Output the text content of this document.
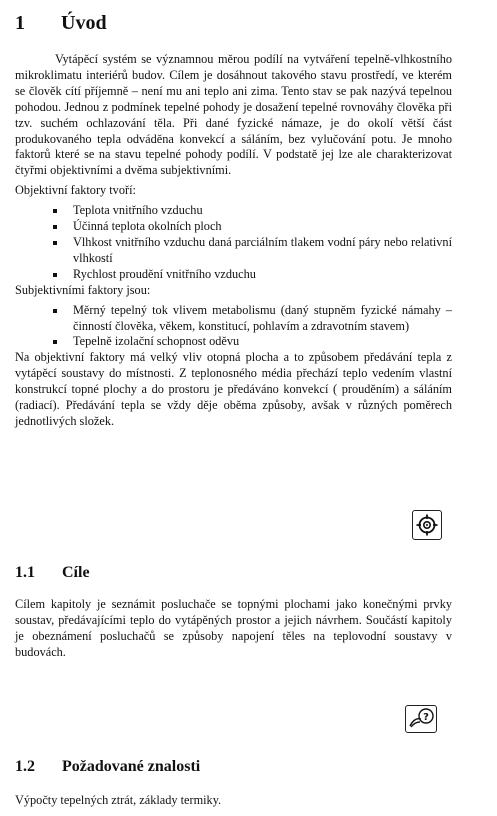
1 Úvod

Vytápěcí systém se významnou měrou podílí na vytváření tepelně-vlhkostního mikroklimatu interiérů budov. Cílem je dosáhnout takového stavu prostředí, ve kterém se člověk cítí příjemně – není mu ani teplo ani zima. Tento stav se pak nazývá tepelnou pohodou. Jednou z podmínek tepelné pohody je dosažení tepelné rovnováhy člověka při tzv. suchém ochlazování těla. Při dané fyzické námaze, je do okolí větší část produkovaného tepla odváděna konvekcí a sáláním, bez vylučování potu. Je mnoho faktorů které se na stavu tepelné pohody podílí. V podstatě jej lze ale charakterizovat čtyřmi objektivními a dvěma subjektivními.

Objektivní faktory tvoří:

Teplota vnitřního vzduchu
Účinná teplota okolních ploch
Vlhkost vnitřního vzduchu daná parciálním tlakem vodní páry nebo relativní vlhkostí
Rychlost proudění vnitřního vzduchu

Subjektivními faktory jsou:

Měrný tepelný tok vlivem metabolismu (daný stupněm fyzické námahy – činností člověka, věkem, konstitucí, pohlavím a zdravotním stavem)
Tepelně izolační schopnost oděvu

Na objektivní faktory má velký vliv otopná plocha a to způsobem předávání tepla z vytápěcí soustavy do místnosti. Z teplonosného média přechází teplo vedením vlastní konstrukcí topné plochy a do prostoru je předáváno konvekcí ( prouděním) a sáláním (radiací). Předávání tepla se vždy děje oběma způsoby, avšak v různých poměrech jednotlivých složek.

1.1 Cíle

Cílem kapitoly je seznámit posluchače se topnými plochami jako konečnými prvky soustav, předávajícími teplo do vytápěných prostor a jejich návrhem. Součástí kapitoly je obeznámení posluchačů se způsoby napojení těles na teplovodní soustavy v budovách.

?
1.2 Požadované znalosti

Výpočty tepelných ztrát, základy termiky.
